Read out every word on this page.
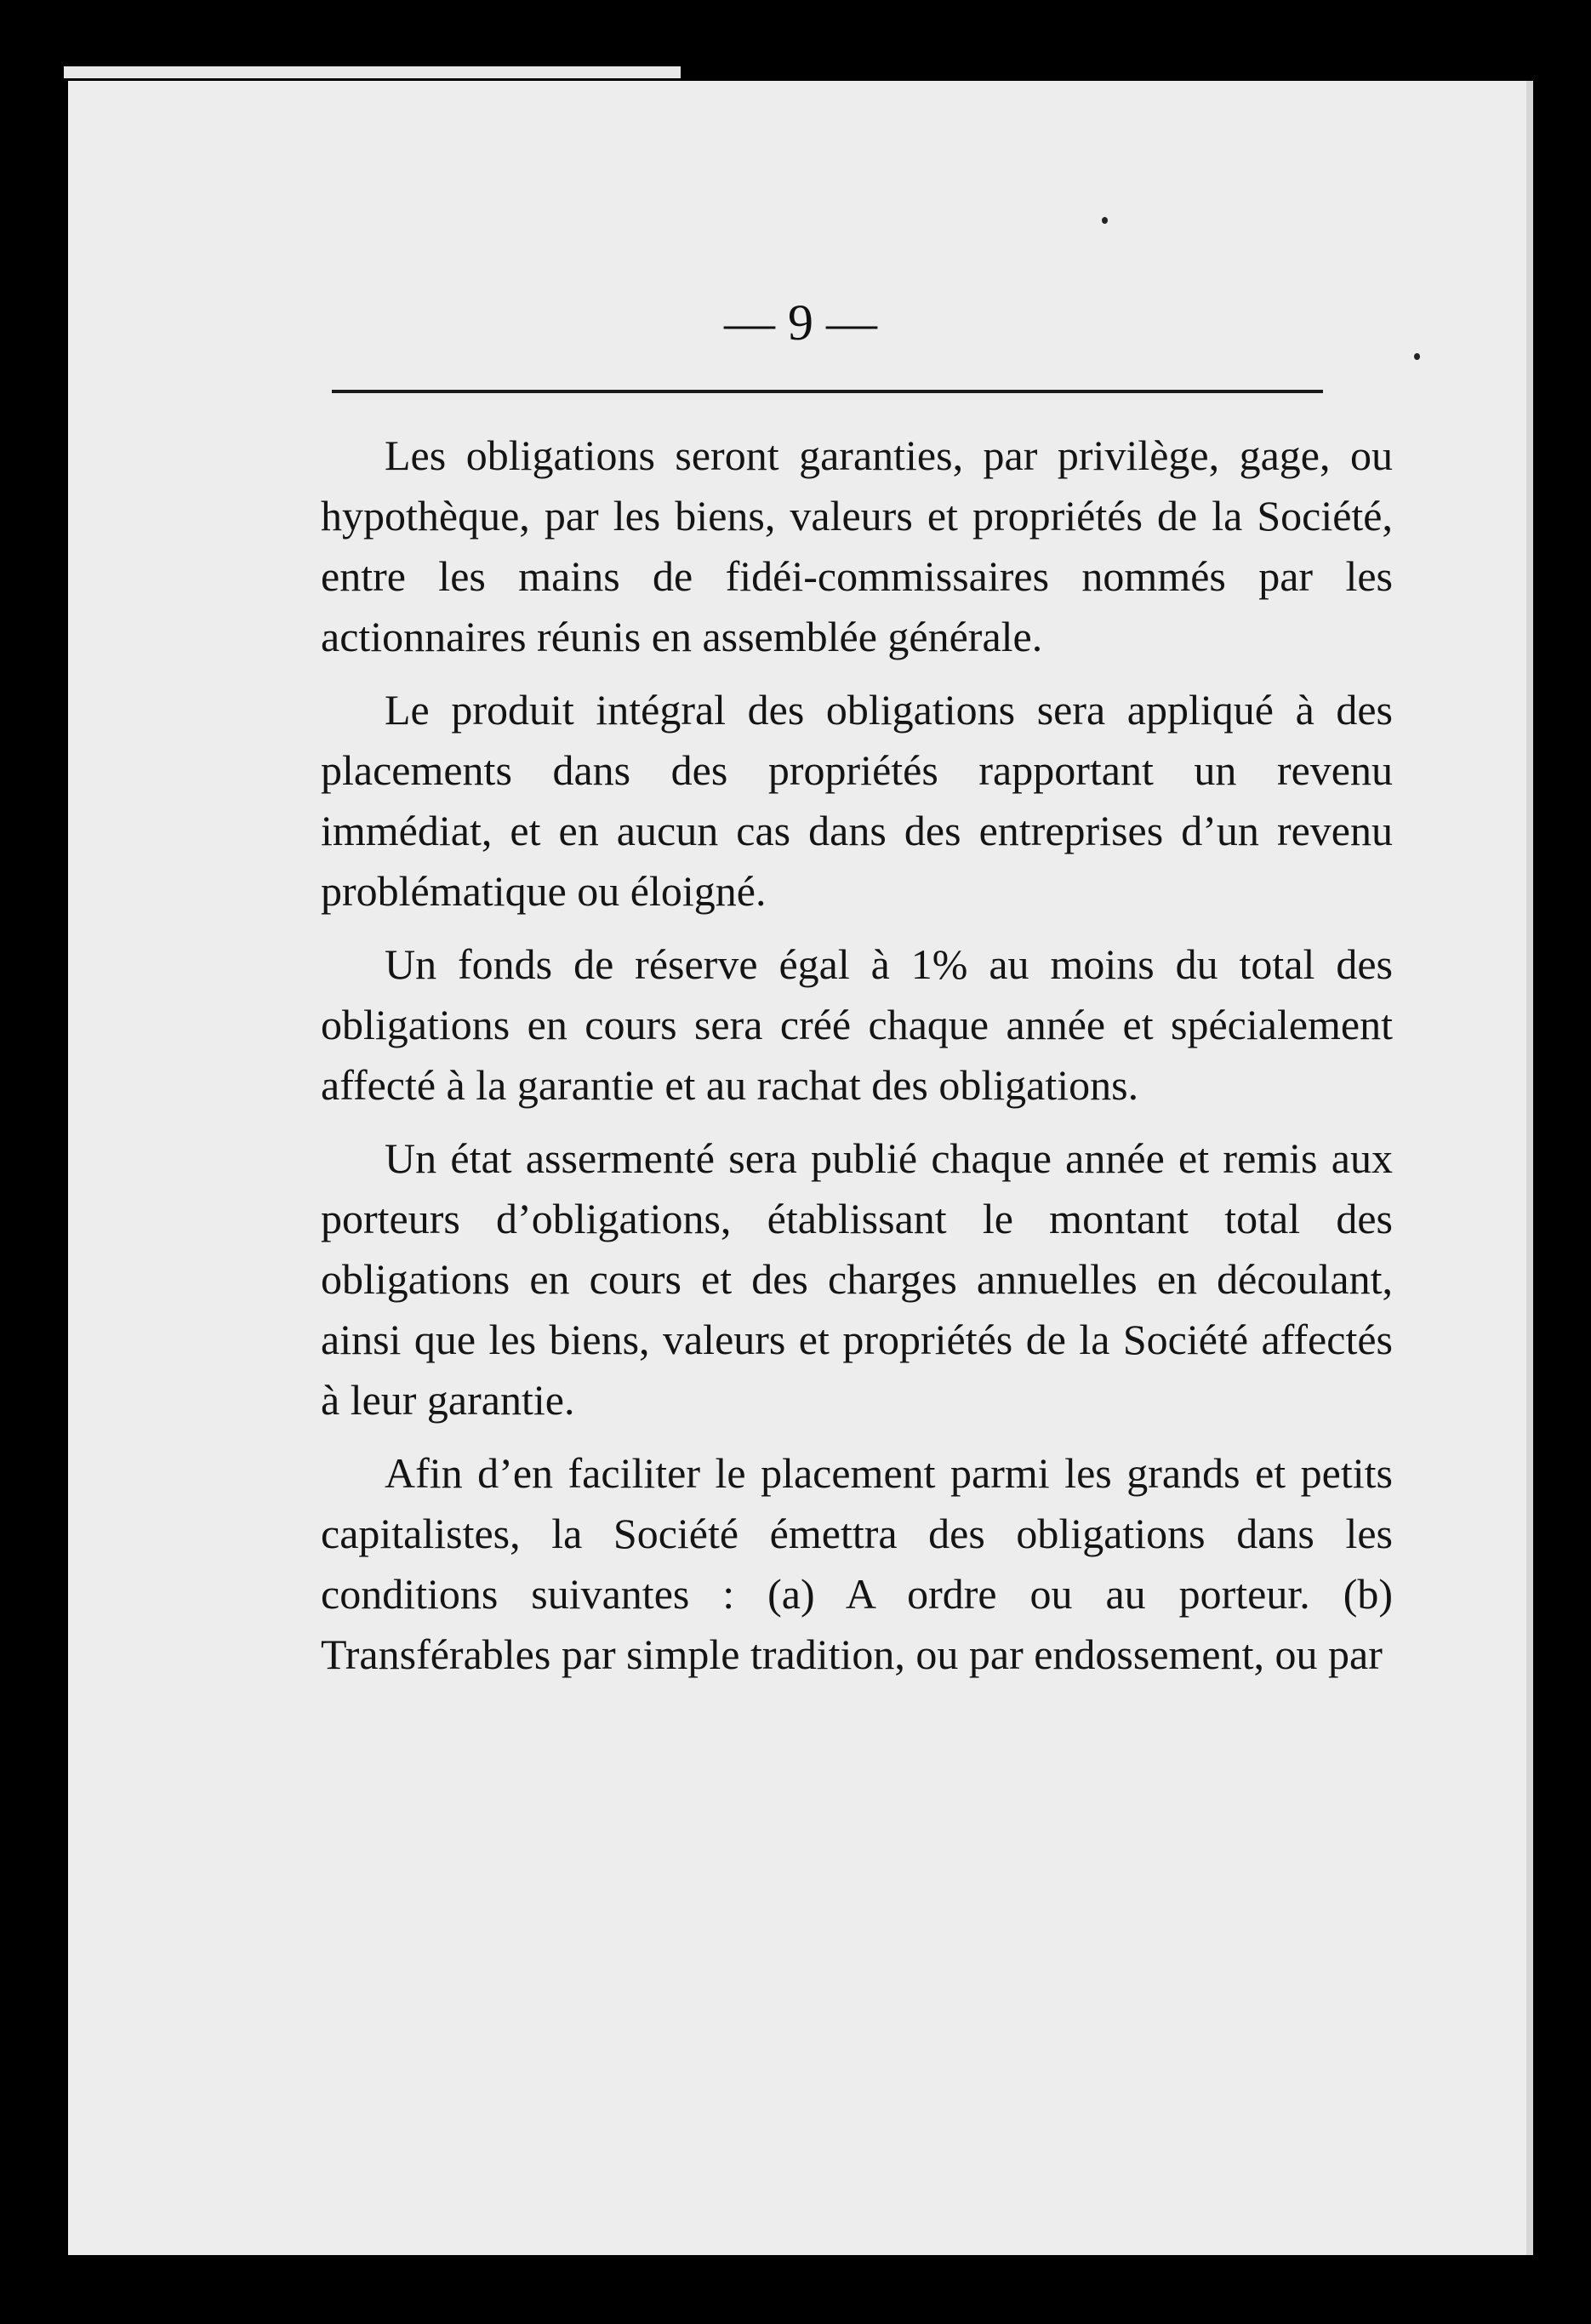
— 9 —

Les obligations seront garanties, par privilège, gage, ou hypothèque, par les biens, valeurs et propriétés de la Société, entre les mains de fidéi-commissaires nommés par les actionnaires réunis en assemblée générale.

Le produit intégral des obligations sera appliqué à des placements dans des propriétés rapportant un revenu immédiat, et en aucun cas dans des entreprises d’un revenu problématique ou éloigné.

Un fonds de réserve égal à 1% au moins du total des obligations en cours sera créé chaque année et spécialement affecté à la garantie et au rachat des obligations.

Un état assermenté sera publié chaque année et remis aux porteurs d’obligations, établissant le montant total des obligations en cours et des charges annuelles en découlant, ainsi que les biens, valeurs et propriétés de la Société affectés à leur garantie.

Afin d’en faciliter le placement parmi les grands et petits capitalistes, la Société émettra des obligations dans les conditions suivantes : (a) A ordre ou au porteur. (b) Transférables par simple tradition, ou par endossement, ou par
